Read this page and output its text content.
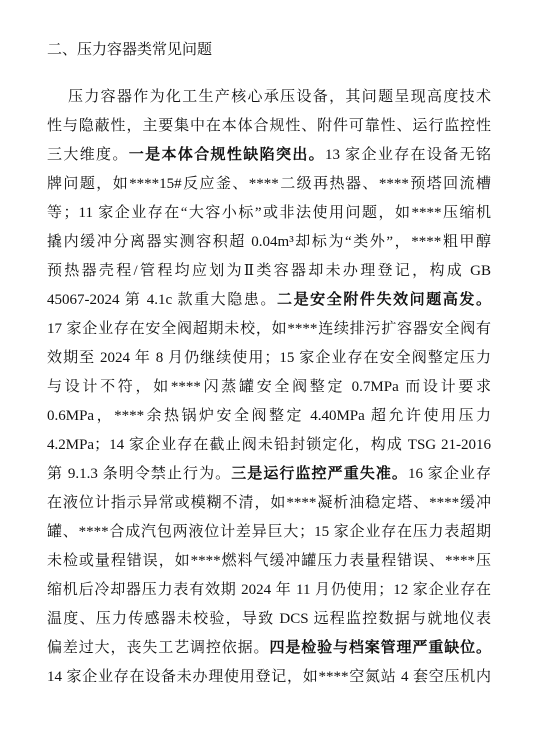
二、压力容器类常见问题
压力容器作为化工生产核心承压设备，其问题呈现高度技术
性与隐蔽性，主要集中在本体合规性、附件可靠性、运行监控性
三大维度。一是本体合规性缺陷突出。13 家企业存在设备无铭
牌问题，如****15#反应釜、****二级再热器、****预塔回流槽
等；11 家企业存在“大容小标”或非法使用问题，如****压缩机
撬内缓冲分离器实测容积超 0.04m³却标为“类外”，****粗甲醇
预热器壳程/管程均应划为Ⅱ类容器却未办理登记，构成 GB
45067-2024 第 4.1c 款重大隐患。二是安全附件失效问题高发。
17 家企业存在安全阀超期未校，如****连续排污扩容器安全阀有
效期至 2024 年 8 月仍继续使用；15 家企业存在安全阀整定压力
与设计不符，如****闪蒸罐安全阀整定 0.7MPa 而设计要求
0.6MPa，****余热锅炉安全阀整定 4.40MPa 超允许使用压力
4.2MPa；14 家企业存在截止阀未铅封锁定化，构成 TSG 21-2016
第 9.1.3 条明令禁止行为。三是运行监控严重失准。16 家企业存
在液位计指示异常或模糊不清，如****凝析油稳定塔、****缓冲
罐、****合成汽包两液位计差异巨大；15 家企业存在压力表超期
未检或量程错误，如****燃料气缓冲罐压力表量程错误、****压
缩机后冷却器压力表有效期 2024 年 11 月仍使用；12 家企业存在
温度、压力传感器未校验，导致 DCS 远程监控数据与就地仪表
偏差过大，丧失工艺调控依据。四是检验与档案管理严重缺位。
14 家企业存在设备未办理使用登记，如****空氮站 4 套空压机内
